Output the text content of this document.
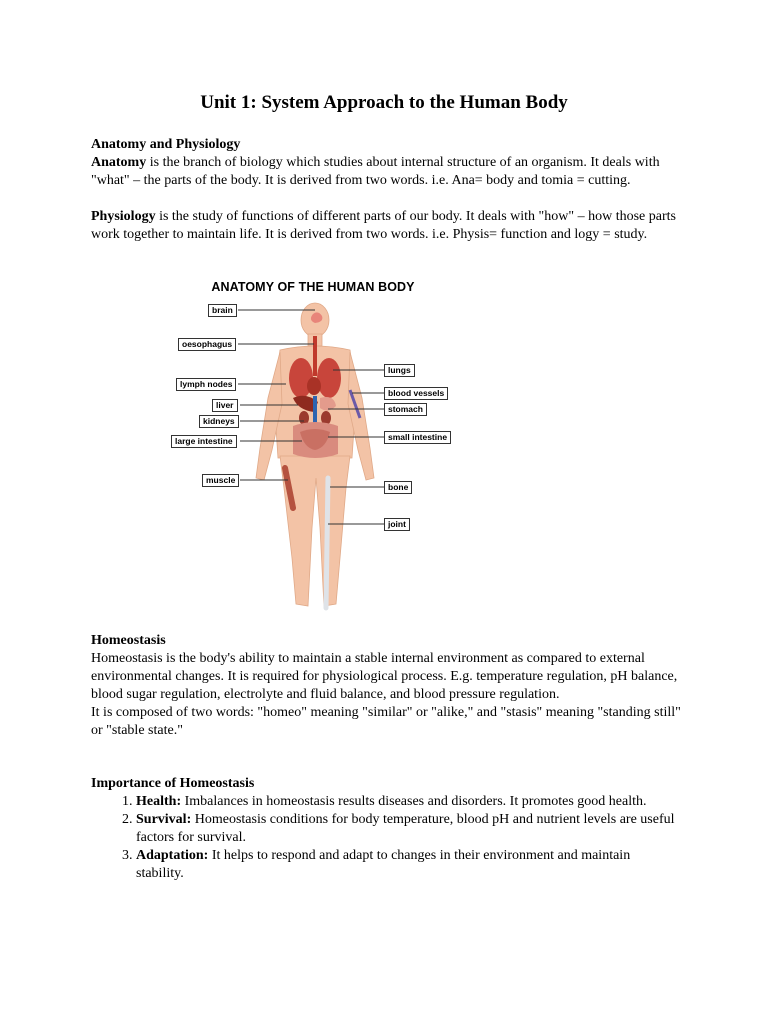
Unit 1: System Approach to the Human Body
Anatomy and Physiology

Anatomy is the branch of biology which studies about internal structure of an organism. It deals with "what" – the parts of the body. It is derived from two words. i.e. Ana= body and tomia = cutting.

Physiology is the study of functions of different parts of our body. It deals with "how" – how those parts work together to maintain life. It is derived from two words. i.e. Physis= function and logy = study.

ANATOMY OF THE HUMAN BODY
brain
oesophagus
lymph nodes
liver
kidneys
large intestine
muscle
lungs
blood vessels
stomach
small intestine
bone
joint
Homeostasis

Homeostasis is the body's ability to maintain a stable internal environment as compared to external environmental changes. It is required for physiological process. E.g. temperature regulation, pH balance, blood sugar regulation, electrolyte and fluid balance, and blood pressure regulation.

It is composed of two words: "homeo" meaning "similar" or "alike," and "stasis" meaning "standing still" or "stable state."

Importance of Homeostasis
1. Health: Imbalances in homeostasis results diseases and disorders. It promotes good health.
2. Survival: Homeostasis conditions for body temperature, blood pH and nutrient levels are useful factors for survival.
3. Adaptation: It helps to respond and adapt to changes in their environment and maintain stability.
